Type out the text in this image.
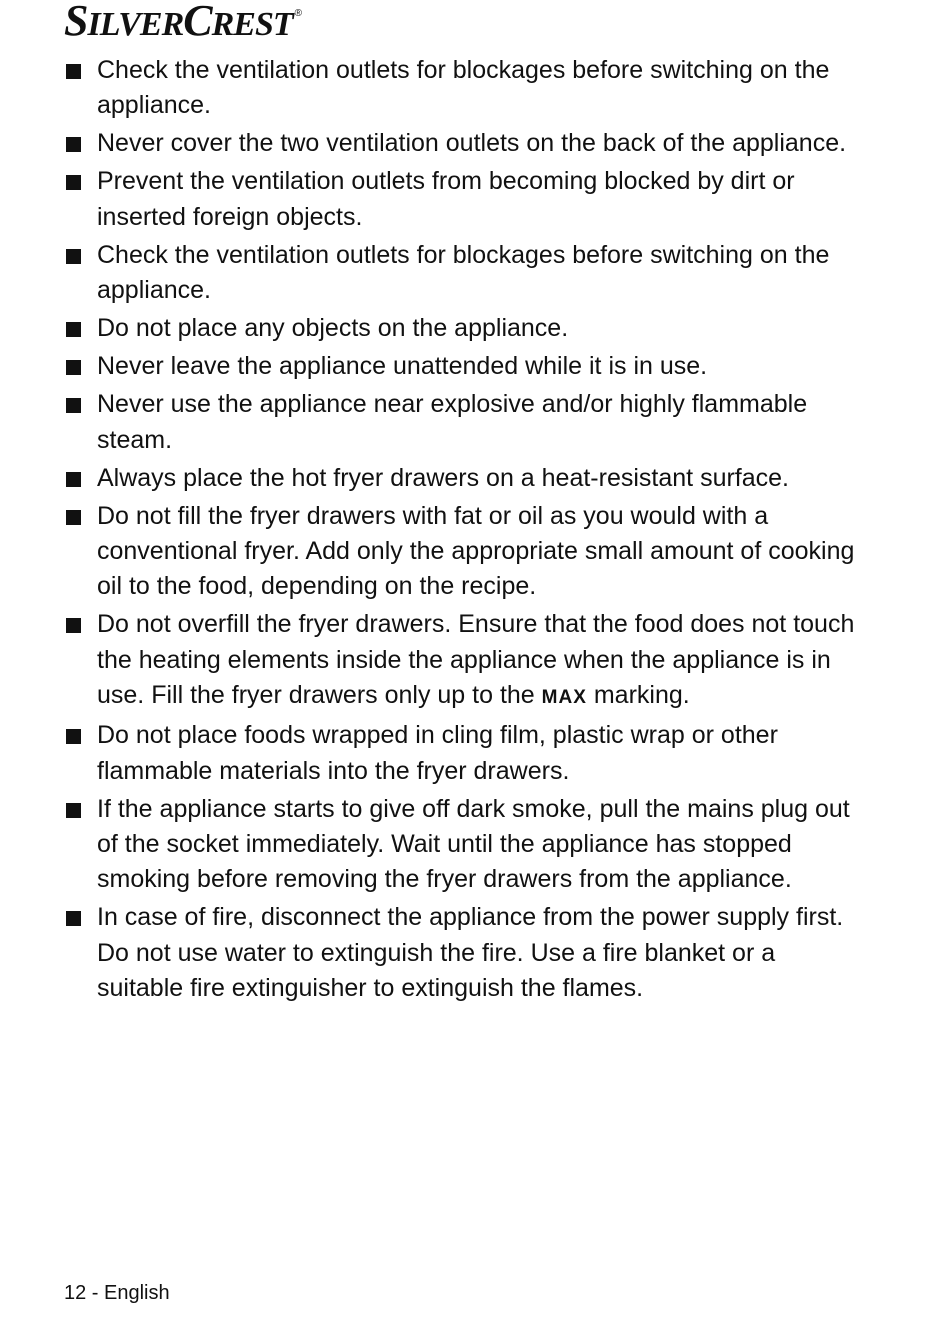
SILVERCREST ®
Check the ventilation outlets for blockages before switching on the appliance.
Never cover the two ventilation outlets on the back of the appliance.
Prevent the ventilation outlets from becoming blocked by dirt or inserted foreign objects.
Check the ventilation outlets for blockages before switching on the appliance.
Do not place any objects on the appliance.
Never leave the appliance unattended while it is in use.
Never use the appliance near explosive and/or highly flammable steam.
Always place the hot fryer drawers on a heat-resistant surface.
Do not fill the fryer drawers with fat or oil as you would with a conventional fryer. Add only the appropriate small amount of cooking oil to the food, depending on the recipe.
Do not overfill the fryer drawers. Ensure that the food does not touch the heating elements inside the appliance when the appliance is in use. Fill the fryer drawers only up to the MAX marking.
Do not place foods wrapped in cling film, plastic wrap or other flammable materials into the fryer drawers.
If the appliance starts to give off dark smoke, pull the mains plug out of the socket immediately. Wait until the appliance has stopped smoking before removing the fryer drawers from the appliance.
In case of fire, disconnect the appliance from the power supply first. Do not use water to extinguish the fire. Use a fire blanket or a suitable fire extinguisher to extinguish the flames.
12 - English
